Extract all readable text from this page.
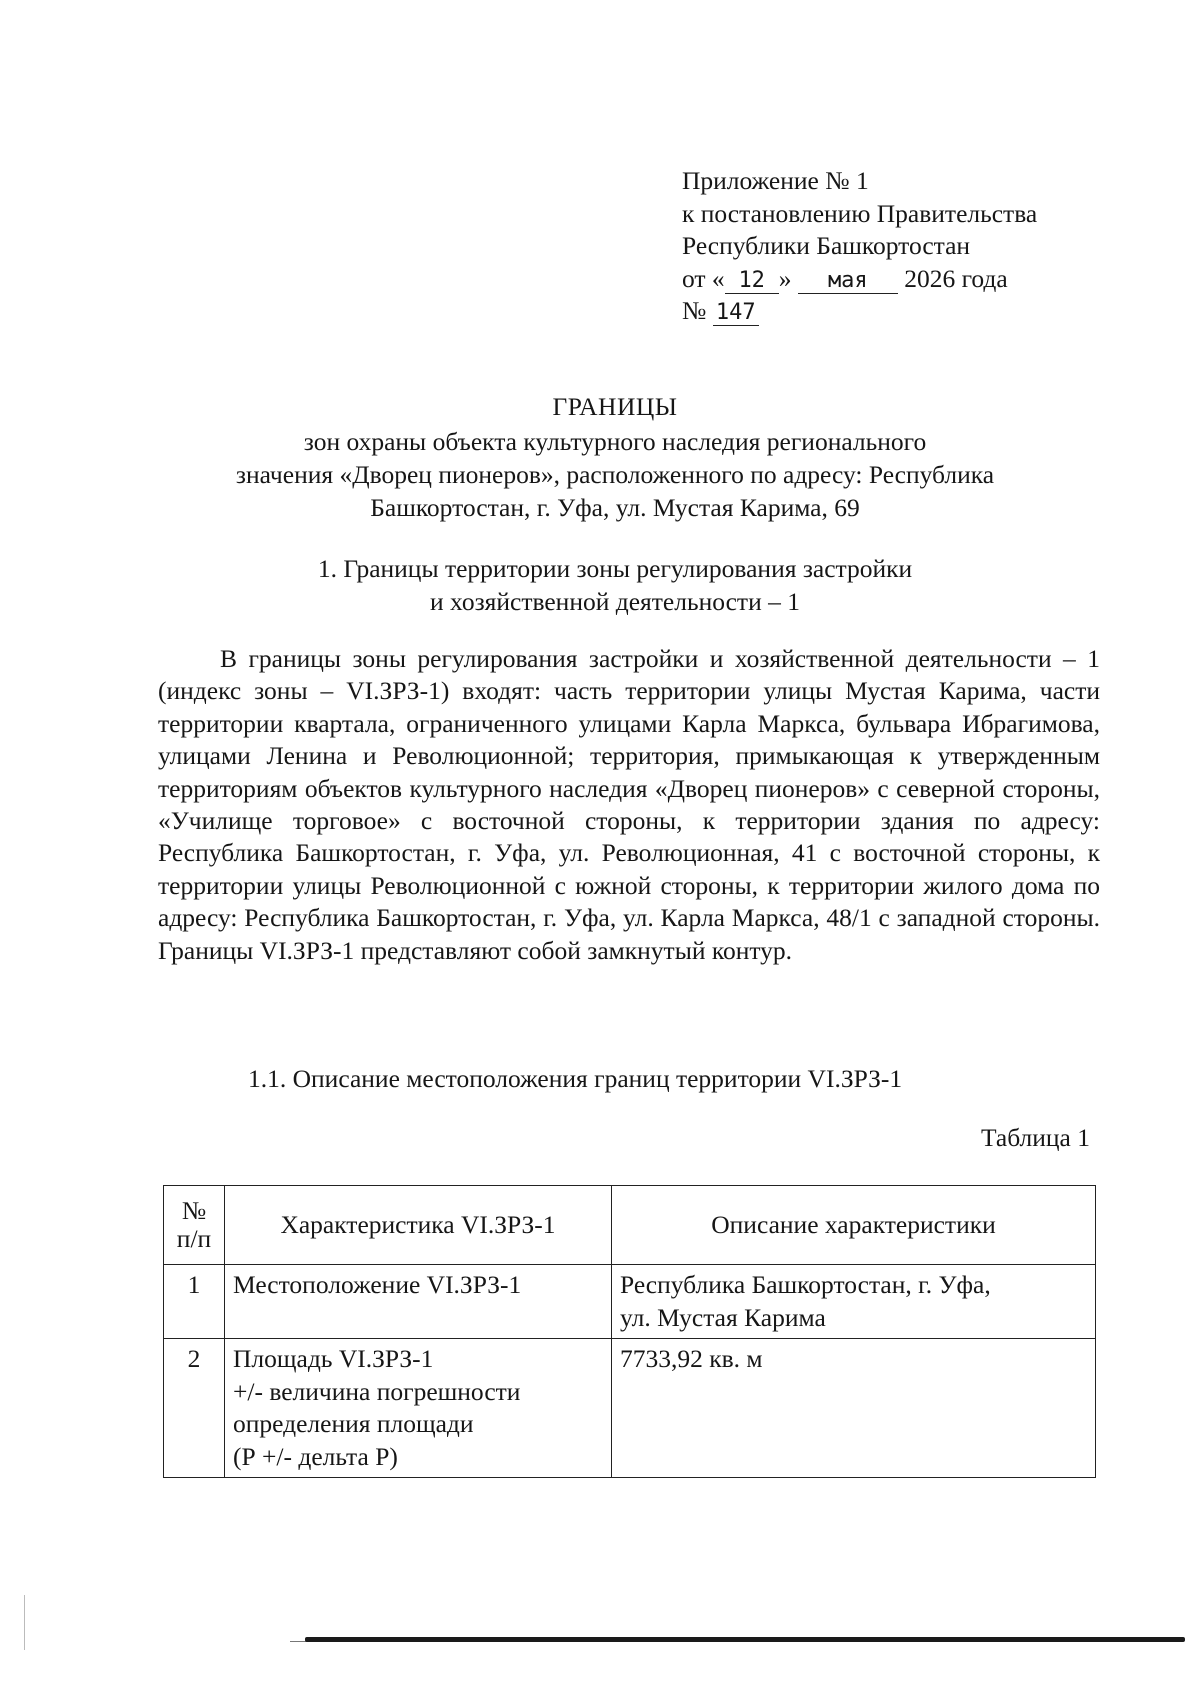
Приложение № 1
к постановлению Правительства
Республики Башкортостан
от « 12 » мая 2026 года
№ 147
ГРАНИЦЫ
зон охраны объекта культурного наследия регионального
значения «Дворец пионеров», расположенного по адресу: Республика
Башкортостан, г. Уфа, ул. Мустая Карима, 69
1. Границы территории зоны регулирования застройки
и хозяйственной деятельности – 1

В границы зоны регулирования застройки и хозяйственной деятельности – 1 (индекс зоны – VI.ЗРЗ-1) входят: часть территории улицы Мустая Карима, части территории квартала, ограниченного улицами Карла Маркса, бульвара Ибрагимова, улицами Ленина и Революционной; территория, примыкающая к утвержденным территориям объектов культурного наследия «Дворец пионеров» с северной стороны, «Училище торговое» с восточной стороны, к территории здания по адресу: Республика Башкортостан, г. Уфа, ул. Революционная, 41 с восточной стороны, к территории улицы Революционной с южной стороны, к территории жилого дома по адресу: Республика Башкортостан, г. Уфа, ул. Карла Маркса, 48/1 с западной стороны. Границы VI.ЗРЗ-1 представляют собой замкнутый контур.

1.1. Описание местоположения границ территории VI.ЗРЗ-1
Таблица 1
№
п/п	Характеристика VI.ЗРЗ-1	Описание характеристики
1	Местоположение VI.ЗРЗ-1	Республика Башкортостан, г. Уфа,
ул. Мустая Карима

2	Площадь VI.ЗРЗ-1
+/- величина погрешности
определения площади
(Р +/- дельта Р)	7733,92 кв. м
